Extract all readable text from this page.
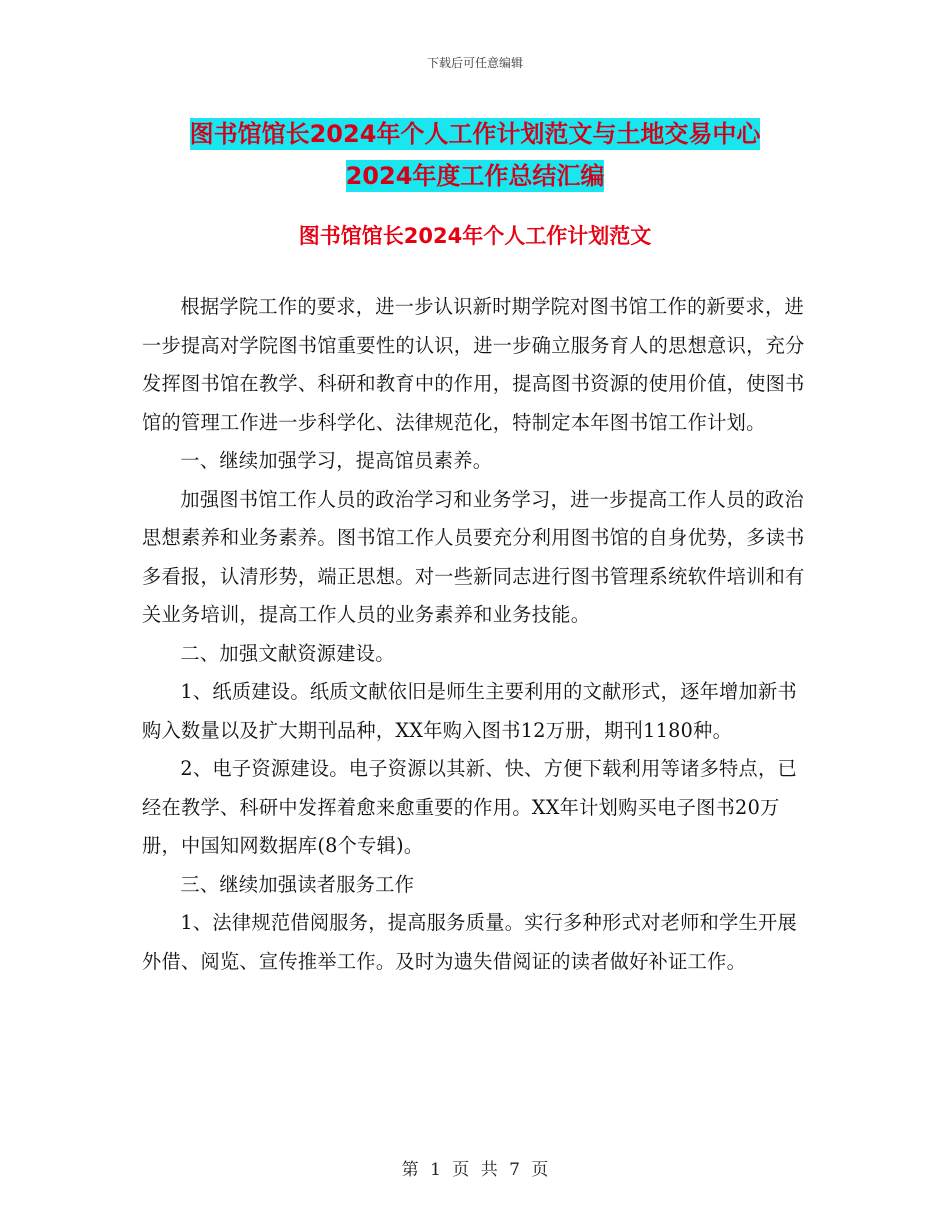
下载后可任意编辑
图书馆馆长2024年个人工作计划范文与土地交易中心
2024年度工作总结汇编
图书馆馆长2024年个人工作计划范文

根据学院工作的要求，进一步认识新时期学院对图书馆工作的新要求，进一步提高对学院图书馆重要性的认识，进一步确立服务育人的思想意识，充分发挥图书馆在教学、科研和教育中的作用，提高图书资源的使用价值，使图书馆的管理工作进一步科学化、法律规范化，特制定本年图书馆工作计划。

一、继续加强学习，提高馆员素养。

加强图书馆工作人员的政治学习和业务学习，进一步提高工作人员的政治思想素养和业务素养。图书馆工作人员要充分利用图书馆的自身优势，多读书多看报，认清形势，端正思想。对一些新同志进行图书管理系统软件培训和有关业务培训，提高工作人员的业务素养和业务技能。

二、加强文献资源建设。

1、纸质建设。纸质文献依旧是师生主要利用的文献形式，逐年增加新书购入数量以及扩大期刊品种，XX年购入图书12万册，期刊1180种。

2、电子资源建设。电子资源以其新、快、方便下载利用等诸多特点，已经在教学、科研中发挥着愈来愈重要的作用。XX年计划购买电子图书20万册，中国知网数据库(8个专辑)。

三、继续加强读者服务工作

1、法律规范借阅服务，提高服务质量。实行多种形式对老师和学生开展外借、阅览、宣传推举工作。及时为遗失借阅证的读者做好补证工作。

第 1 页 共 7 页
